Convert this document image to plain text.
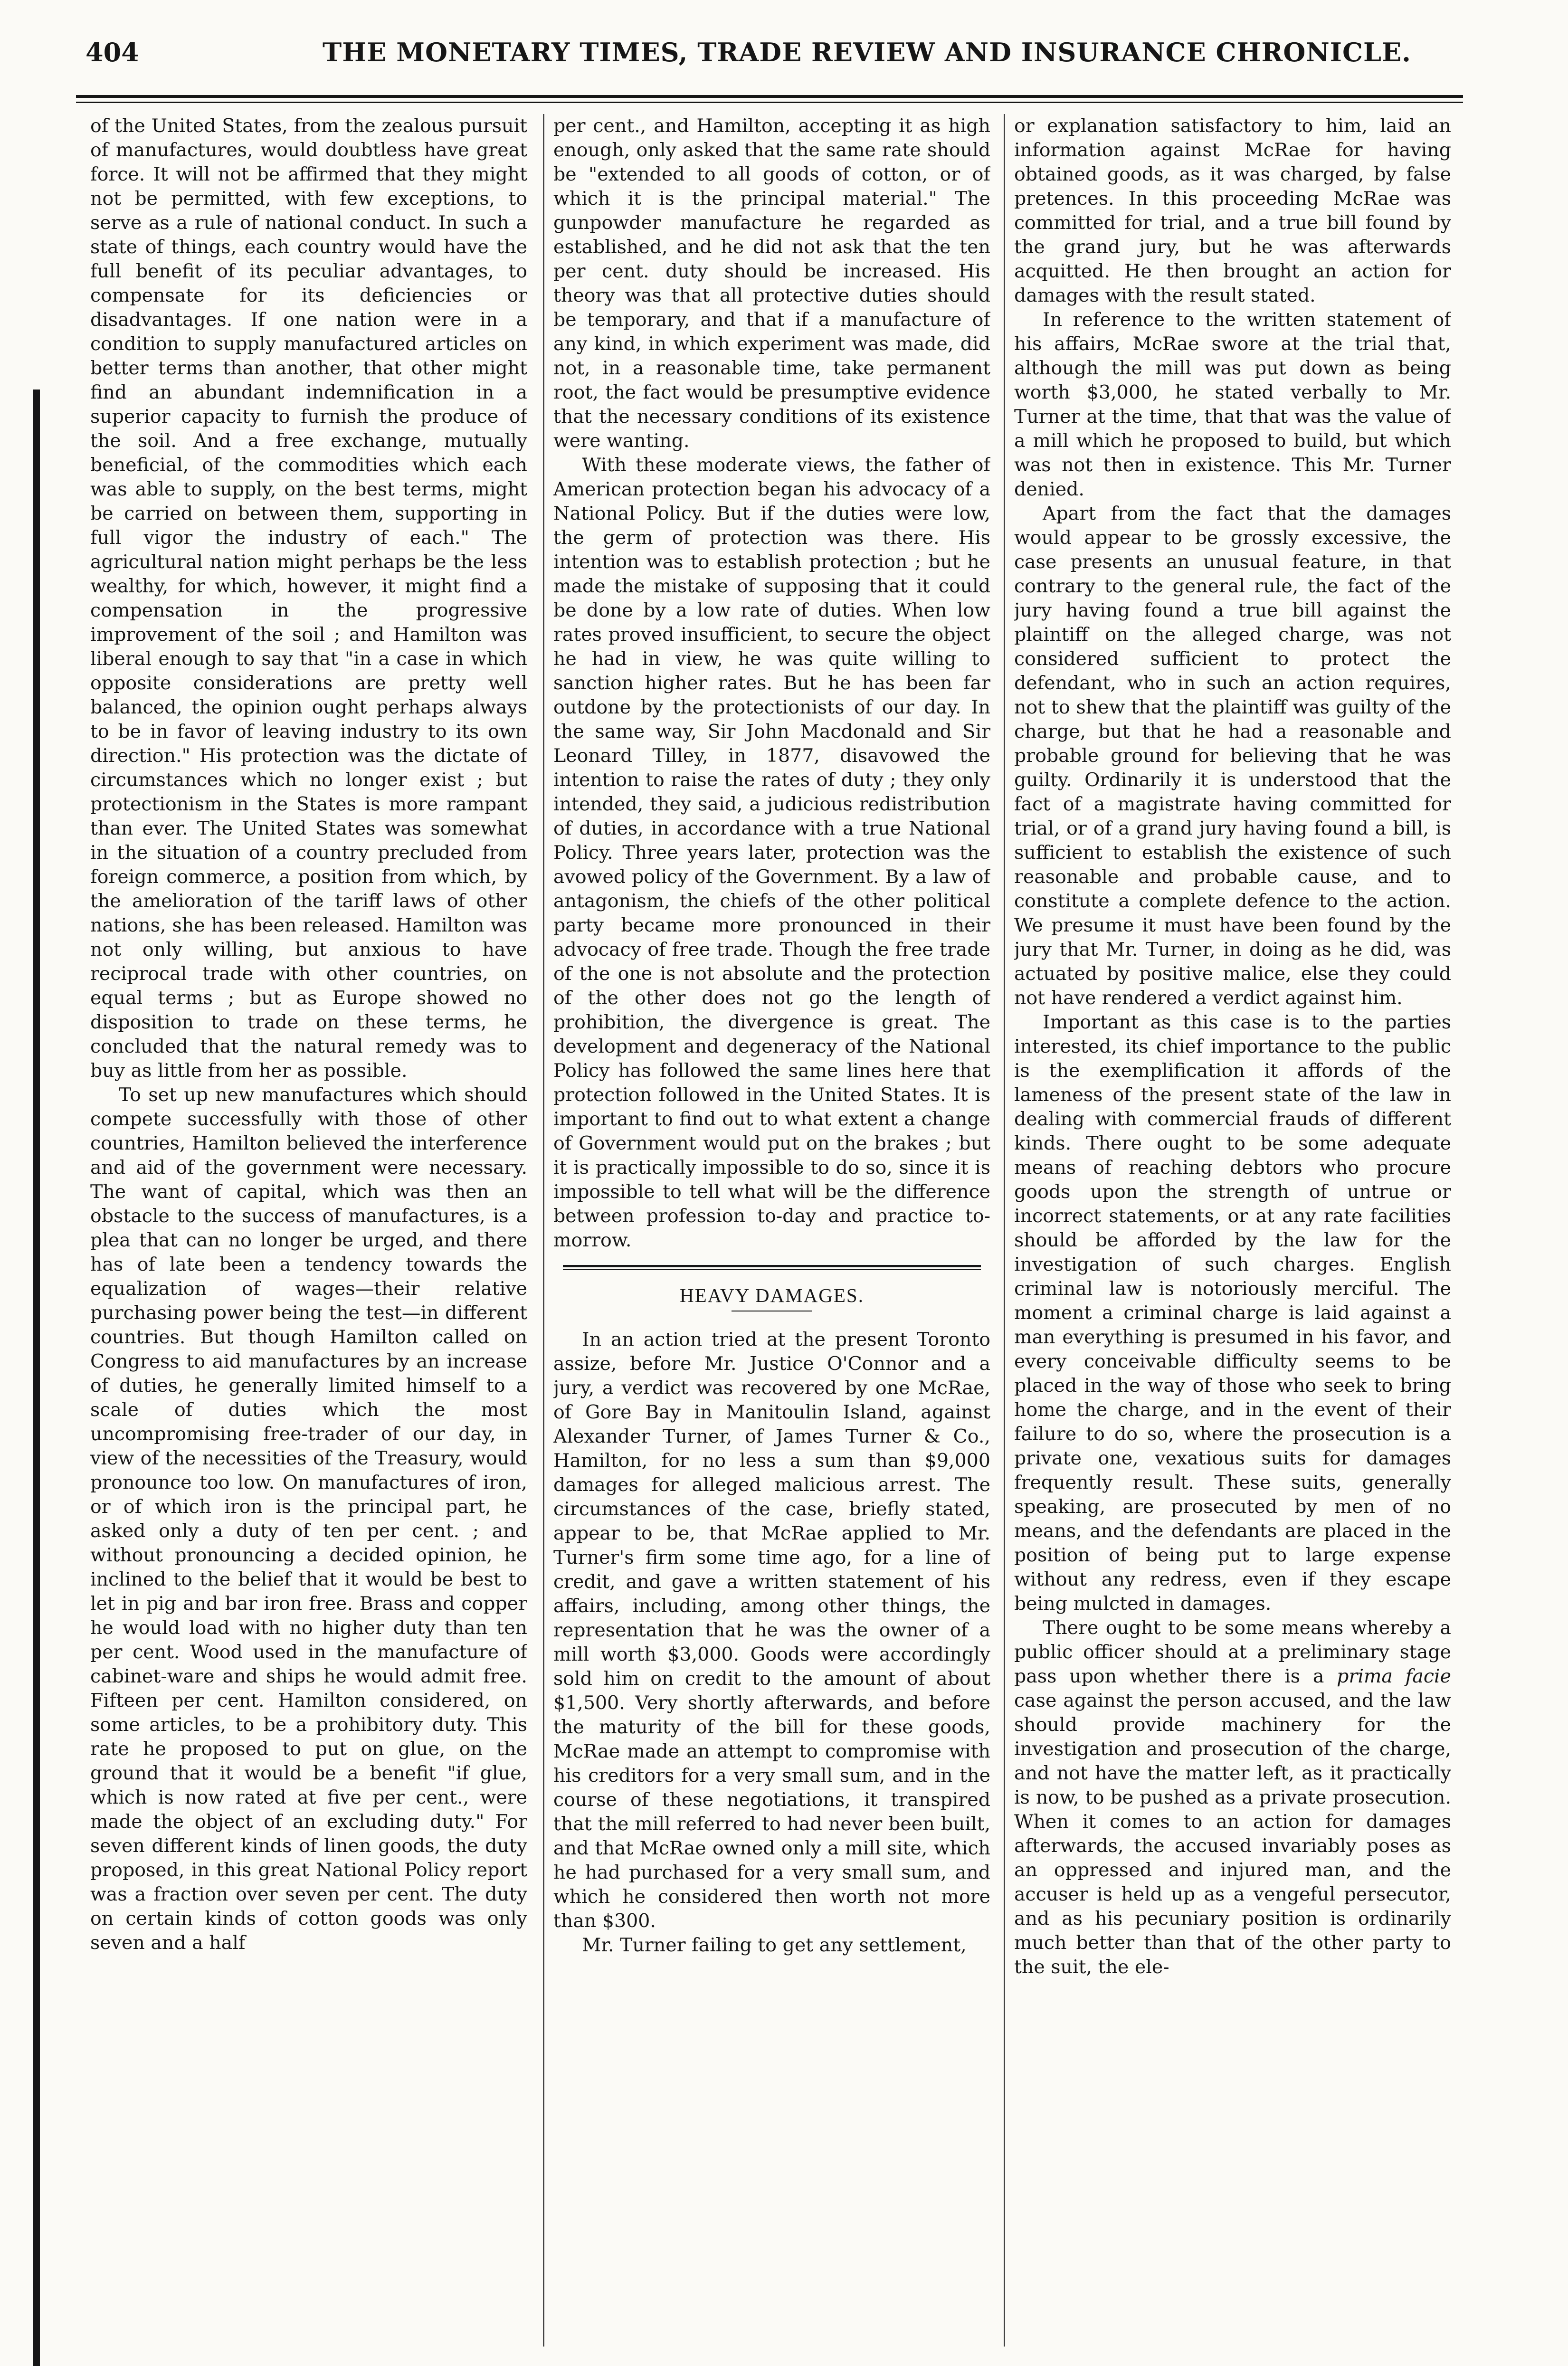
404	THE MONETARY TIMES, TRADE REVIEW AND INSURANCE CHRONICLE.

of the United States, from the zealous pursuit of manufactures, would doubtless have great force. It will not be affirmed that they might not be permitted, with few exceptions, to serve as a rule of national conduct. In such a state of things, each country would have the full benefit of its peculiar advantages, to compensate for its deficiencies or disadvantages. If one nation were in a condition to supply manufactured articles on better terms than another, that other might find an abundant indemnification in a superior capacity to furnish the produce of the soil. And a free exchange, mutually beneficial, of the commodities which each was able to supply, on the best terms, might be carried on between them, supporting in full vigor the industry of each." The agricultural nation might perhaps be the less wealthy, for which, however, it might find a compensation in the progressive improvement of the soil ; and Hamilton was liberal enough to say that "in a case in which opposite considerations are pretty well balanced, the opinion ought perhaps always to be in favor of leaving industry to its own direction." His protection was the dictate of circumstances which no longer exist ; but protectionism in the States is more rampant than ever. The United States was somewhat in the situation of a country precluded from foreign commerce, a position from which, by the amelioration of the tariff laws of other nations, she has been released. Hamilton was not only willing, but anxious to have reciprocal trade with other countries, on equal terms ; but as Europe showed no disposition to trade on these terms, he concluded that the natural remedy was to buy as little from her as possible.

To set up new manufactures which should compete successfully with those of other countries, Hamilton believed the interference and aid of the government were necessary. The want of capital, which was then an obstacle to the success of manufactures, is a plea that can no longer be urged, and there has of late been a tendency towards the equalization of wages—their relative purchasing power being the test—in different countries. But though Hamilton called on Congress to aid manufactures by an increase of duties, he generally limited himself to a scale of duties which the most uncompromising free-trader of our day, in view of the necessities of the Treasury, would pronounce too low. On manufactures of iron, or of which iron is the principal part, he asked only a duty of ten per cent. ; and without pronouncing a decided opinion, he inclined to the belief that it would be best to let in pig and bar iron free. Brass and copper he would load with no higher duty than ten per cent. Wood used in the manufacture of cabinet-ware and ships he would admit free. Fifteen per cent. Hamilton considered, on some articles, to be a prohibitory duty. This rate he proposed to put on glue, on the ground that it would be a benefit "if glue, which is now rated at five per cent., were made the object of an excluding duty." For seven different kinds of linen goods, the duty proposed, in this great National Policy report was a fraction over seven per cent. The duty on certain kinds of cotton goods was only seven and a half

per cent., and Hamilton, accepting it as high enough, only asked that the same rate should be "extended to all goods of cotton, or of which it is the principal material." The gunpowder manufacture he regarded as established, and he did not ask that the ten per cent. duty should be increased. His theory was that all protective duties should be temporary, and that if a manufacture of any kind, in which experiment was made, did not, in a reasonable time, take permanent root, the fact would be presumptive evidence that the necessary conditions of its existence were wanting.

With these moderate views, the father of American protection began his advocacy of a National Policy. But if the duties were low, the germ of protection was there. His intention was to establish protection ; but he made the mistake of supposing that it could be done by a low rate of duties. When low rates proved insufficient, to secure the object he had in view, he was quite willing to sanction higher rates. But he has been far outdone by the protectionists of our day. In the same way, Sir John Macdonald and Sir Leonard Tilley, in 1877, disavowed the intention to raise the rates of duty ; they only intended, they said, a judicious redistribution of duties, in accordance with a true National Policy. Three years later, protection was the avowed policy of the Government. By a law of antagonism, the chiefs of the other political party became more pronounced in their advocacy of free trade. Though the free trade of the one is not absolute and the protection of the other does not go the length of prohibition, the divergence is great. The development and degeneracy of the National Policy has followed the same lines here that protection followed in the United States. It is important to find out to what extent a change of Government would put on the brakes ; but it is practically impossible to do so, since it is impossible to tell what will be the difference between profession to-day and practice to-morrow.

HEAVY DAMAGES.

In an action tried at the present Toronto assize, before Mr. Justice O'Connor and a jury, a verdict was recovered by one McRae, of Gore Bay in Manitoulin Island, against Alexander Turner, of James Turner & Co., Hamilton, for no less a sum than $9,000 damages for alleged malicious arrest. The circumstances of the case, briefly stated, appear to be, that McRae applied to Mr. Turner's firm some time ago, for a line of credit, and gave a written statement of his affairs, including, among other things, the representation that he was the owner of a mill worth $3,000. Goods were accordingly sold him on credit to the amount of about $1,500. Very shortly afterwards, and before the maturity of the bill for these goods, McRae made an attempt to compromise with his creditors for a very small sum, and in the course of these negotiations, it transpired that the mill referred to had never been built, and that McRae owned only a mill site, which he had purchased for a very small sum, and which he considered then worth not more than $300.

Mr. Turner failing to get any settlement,

or explanation satisfactory to him, laid an information against McRae for having obtained goods, as it was charged, by false pretences. In this proceeding McRae was committed for trial, and a true bill found by the grand jury, but he was afterwards acquitted. He then brought an action for damages with the result stated.

In reference to the written statement of his affairs, McRae swore at the trial that, although the mill was put down as being worth $3,000, he stated verbally to Mr. Turner at the time, that that was the value of a mill which he proposed to build, but which was not then in existence. This Mr. Turner denied.

Apart from the fact that the damages would appear to be grossly excessive, the case presents an unusual feature, in that contrary to the general rule, the fact of the jury having found a true bill against the plaintiff on the alleged charge, was not considered sufficient to protect the defendant, who in such an action requires, not to shew that the plaintiff was guilty of the charge, but that he had a reasonable and probable ground for believing that he was guilty. Ordinarily it is understood that the fact of a magistrate having committed for trial, or of a grand jury having found a bill, is sufficient to establish the existence of such reasonable and probable cause, and to constitute a complete defence to the action. We presume it must have been found by the jury that Mr. Turner, in doing as he did, was actuated by positive malice, else they could not have rendered a verdict against him.

Important as this case is to the parties interested, its chief importance to the public is the exemplification it affords of the lameness of the present state of the law in dealing with commercial frauds of different kinds. There ought to be some adequate means of reaching debtors who procure goods upon the strength of untrue or incorrect statements, or at any rate facilities should be afforded by the law for the investigation of such charges. English criminal law is notoriously merciful. The moment a criminal charge is laid against a man everything is presumed in his favor, and every conceivable difficulty seems to be placed in the way of those who seek to bring home the charge, and in the event of their failure to do so, where the prosecution is a private one, vexatious suits for damages frequently result. These suits, generally speaking, are prosecuted by men of no means, and the defendants are placed in the position of being put to large expense without any redress, even if they escape being mulcted in damages.

There ought to be some means whereby a public officer should at a preliminary stage pass upon whether there is a prima facie case against the person accused, and the law should provide machinery for the investigation and prosecution of the charge, and not have the matter left, as it practically is now, to be pushed as a private prosecution. When it comes to an action for damages afterwards, the accused invariably poses as an oppressed and injured man, and the accuser is held up as a vengeful persecutor, and as his pecuniary position is ordinarily much better than that of the other party to the suit, the ele-
